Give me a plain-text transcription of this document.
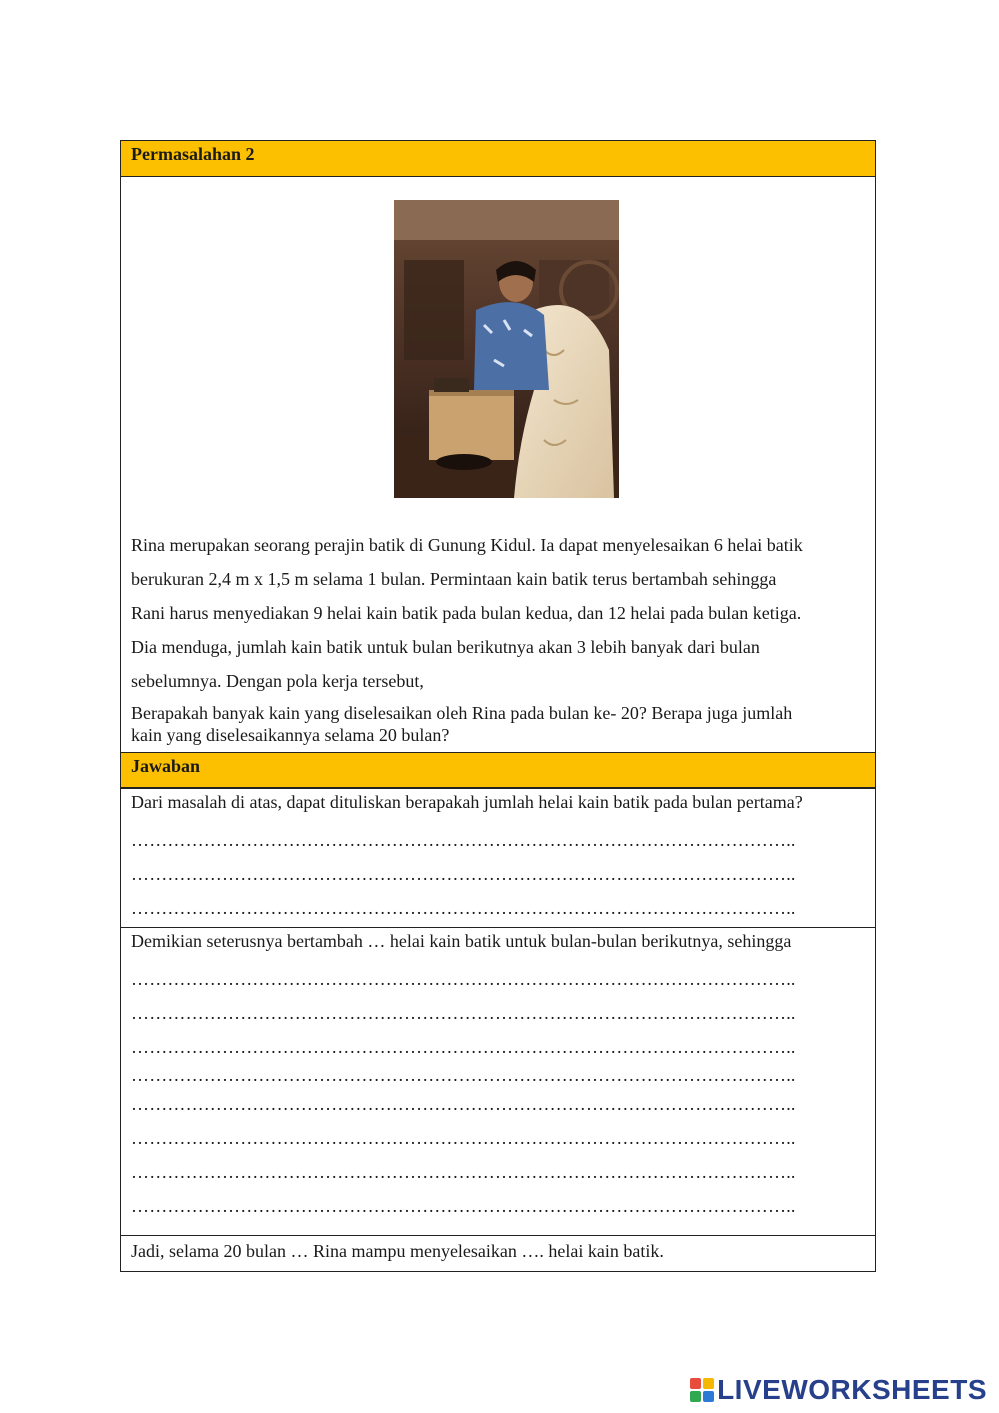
Permasalahan 2
Rina merupakan seorang perajin batik di Gunung Kidul. Ia dapat menyelesaikan 6 helai batik
berukuran 2,4 m x 1,5 m selama 1 bulan. Permintaan kain batik terus bertambah sehingga
Rani harus menyediakan 9 helai kain batik pada bulan kedua, dan 12 helai pada bulan ketiga.
Dia menduga, jumlah kain batik untuk bulan berikutnya akan 3 lebih banyak dari bulan
sebelumnya. Dengan pola kerja tersebut,
Berapakah banyak kain yang diselesaikan oleh Rina pada bulan ke- 20? Berapa juga jumlah
kain yang diselesaikannya selama 20 bulan?
Jawaban
Dari masalah di atas, dapat dituliskan berapakah jumlah helai kain batik pada bulan pertama?
………………………………………………………………………………………………..
………………………………………………………………………………………………..
………………………………………………………………………………………………..
Demikian seterusnya bertambah … helai kain batik untuk bulan-bulan berikutnya, sehingga
………………………………………………………………………………………………..
………………………………………………………………………………………………..
………………………………………………………………………………………………..
………………………………………………………………………………………………..
………………………………………………………………………………………………..
………………………………………………………………………………………………..
………………………………………………………………………………………………..
………………………………………………………………………………………………..
Jadi, selama 20 bulan … Rina mampu menyelesaikan …. helai kain batik.
LIVEWORKSHEETS
